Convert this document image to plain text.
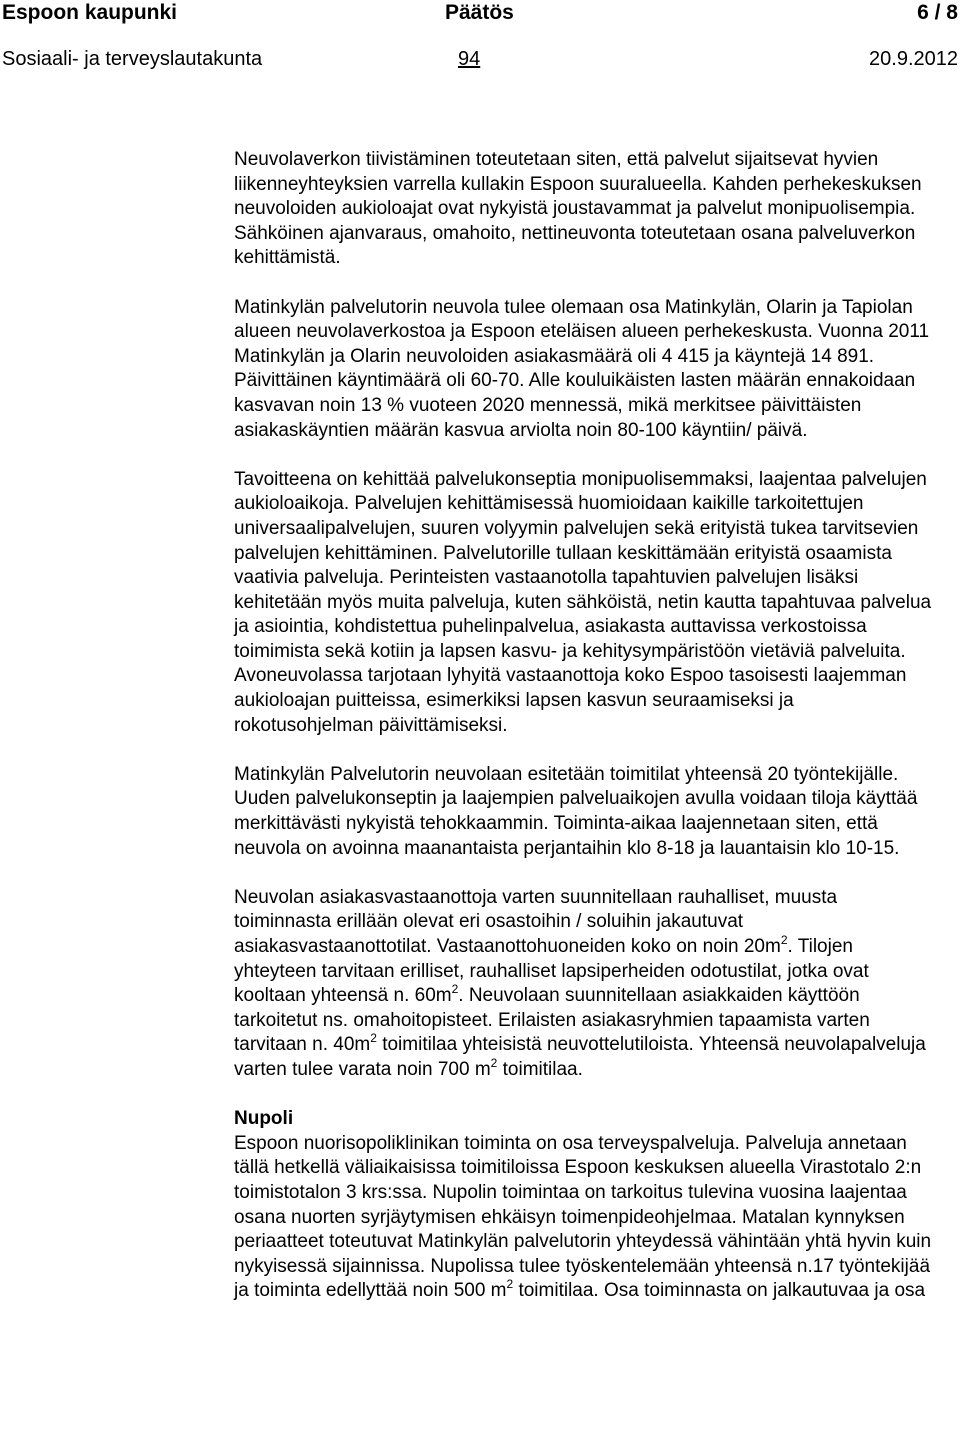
Espoon kaupunki	Päätös	6 / 8
Sosiaali- ja terveyslautakunta	94	20.9.2012

Neuvolaverkon tiivistäminen toteutetaan siten, että palvelut sijaitsevat hyvien liikenneyhteyksien varrella kullakin Espoon suuralueella. Kahden perhekeskuksen neuvoloiden aukioloajat ovat nykyistä joustavammat ja palvelut monipuolisempia. Sähköinen ajanvaraus, omahoito, nettineuvonta toteutetaan osana palveluverkon kehittämistä.

Matinkylän palvelutorin neuvola tulee olemaan osa Matinkylän, Olarin ja Tapiolan alueen neuvolaverkostoa ja Espoon eteläisen alueen perhekeskusta. Vuonna 2011 Matinkylän ja Olarin neuvoloiden asiakasmäärä oli 4 415 ja käyntejä 14 891. Päivittäinen käyntimäärä oli 60-70. Alle kouluikäisten lasten määrän ennakoidaan kasvavan noin 13 % vuoteen 2020 mennessä, mikä merkitsee päivittäisten asiakaskäyntien määrän kasvua arviolta noin 80-100 käyntiin/ päivä.

Tavoitteena on kehittää palvelukonseptia monipuolisemmaksi, laajentaa palvelujen aukioloaikoja. Palvelujen kehittämisessä huomioidaan kaikille tarkoitettujen universaalipalvelujen, suuren volyymin palvelujen sekä erityistä tukea tarvitsevien palvelujen kehittäminen. Palvelutorille tullaan keskittämään erityistä osaamista vaativia palveluja. Perinteisten vastaanotolla tapahtuvien palvelujen lisäksi kehitetään myös muita palveluja, kuten sähköistä, netin kautta tapahtuvaa palvelua ja asiointia, kohdistettua puhelinpalvelua, asiakasta auttavissa verkostoissa toimimista sekä kotiin ja lapsen kasvu- ja kehitysympäristöön vietäviä palveluita. Avoneuvolassa tarjotaan lyhyitä vastaanottoja koko Espoo tasoisesti laajemman aukioloajan puitteissa, esimerkiksi lapsen kasvun seuraamiseksi ja rokotusohjelman päivittämiseksi.

Matinkylän Palvelutorin neuvolaan esitetään toimitilat yhteensä 20 työntekijälle. Uuden palvelukonseptin ja laajempien palveluaikojen avulla voidaan tiloja käyttää merkittävästi nykyistä tehokkaammin. Toiminta-aikaa laajennetaan siten, että neuvola on avoinna maanantaista perjantaihin klo 8-18 ja lauantaisin klo 10-15.

Neuvolan asiakasvastaanottoja varten suunnitellaan rauhalliset, muusta toiminnasta erillään olevat eri osastoihin / soluihin jakautuvat asiakasvastaanottotilat. Vastaanottohuoneiden koko on noin $20m^2$. Tilojen yhteyteen tarvitaan erilliset, rauhalliset lapsiperheiden odotustilat, jotka ovat kooltaan yhteensä n. $60m^2$. Neuvolaan suunnitellaan asiakkaiden käyttöön tarkoitetut ns. omahoitopisteet. Erilaisten asiakasryhmien tapaamista varten tarvitaan n. $40m^2$ toimitilaa yhteisistä neuvottelutiloista. Yhteensä neuvolapalveluja varten tulee varata noin 700 $m^2$ toimitilaa.

Nupoli

Espoon nuorisopoliklinikan toiminta on osa terveyspalveluja. Palveluja annetaan tällä hetkellä väliaikaisissa toimitiloissa Espoon keskuksen alueella Virastotalo 2:n toimistotalon 3 krs:ssa. Nupolin toimintaa on tarkoitus tulevina vuosina laajentaa osana nuorten syrjäytymisen ehkäisyn toimenpideohjelmaa. Matalan kynnyksen periaatteet toteutuvat Matinkylän palvelutorin yhteydessä vähintään yhtä hyvin kuin nykyisessä sijainnissa. Nupolissa tulee työskentelemään yhteensä n.17 työntekijää ja toiminta edellyttää noin 500 $m^2$ toimitilaa. Osa toiminnasta on jalkautuvaa ja osa
